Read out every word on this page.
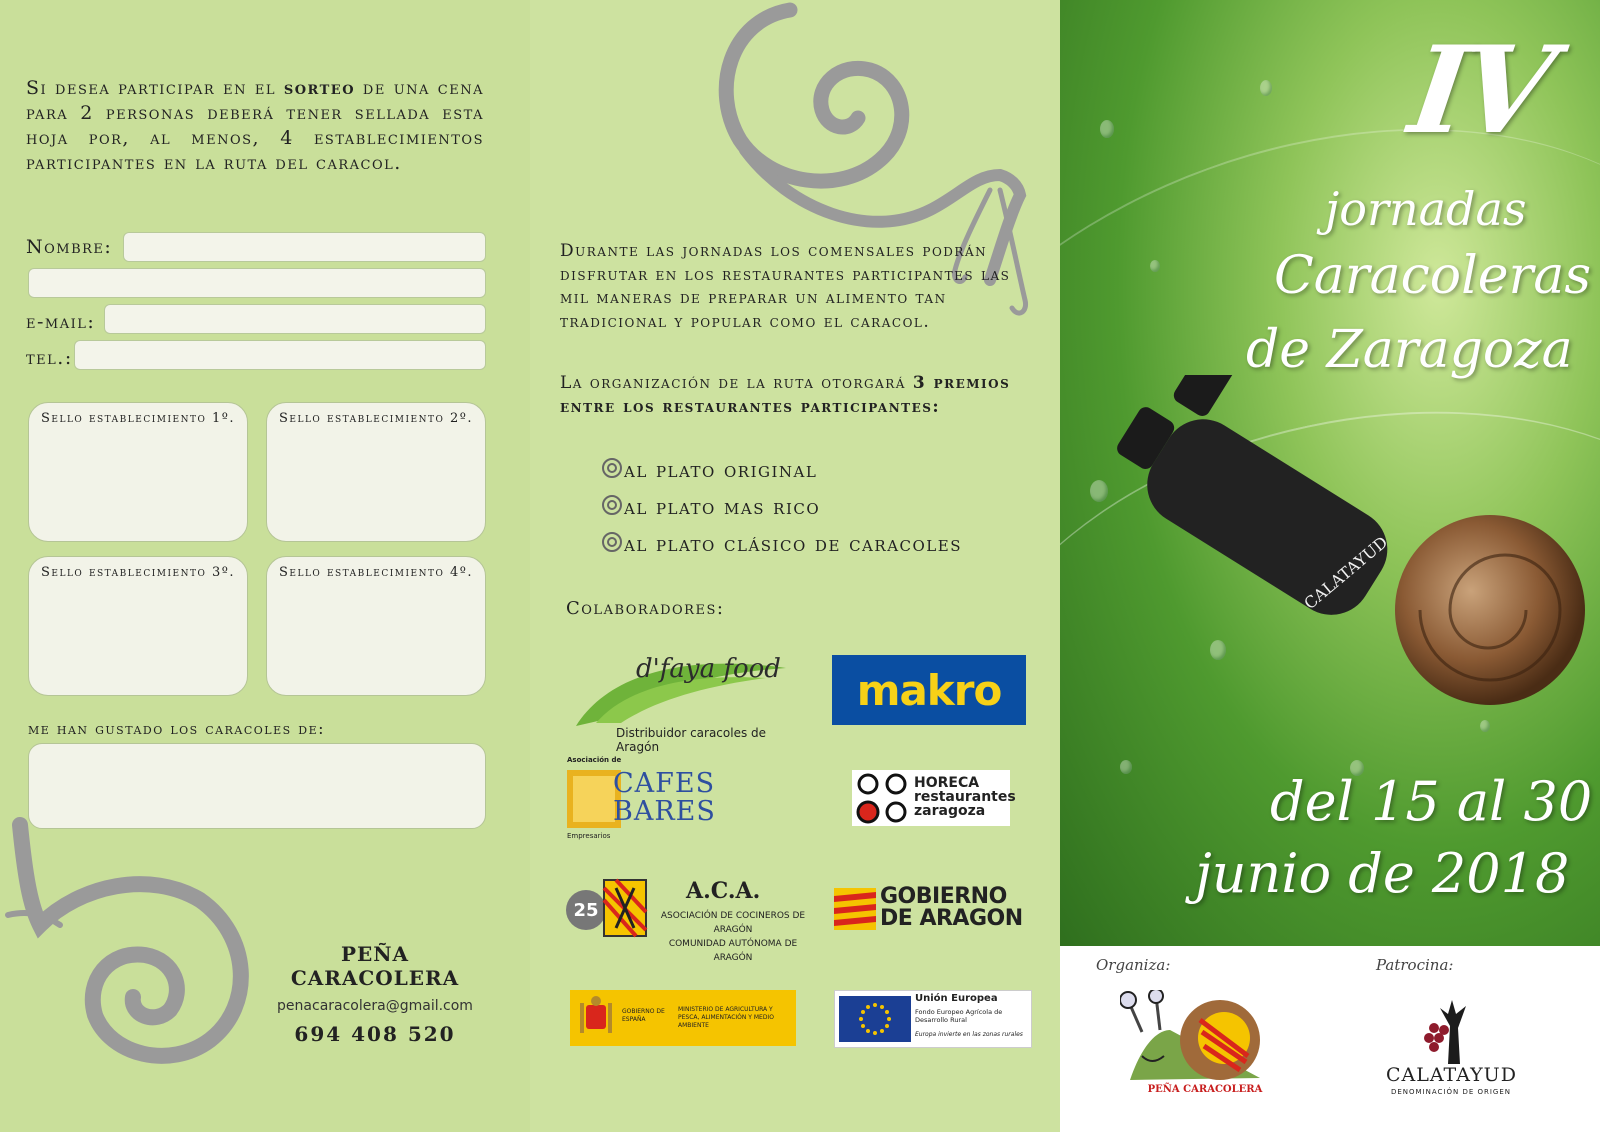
Si desea participar en el sorteo de una cena para 2 personas deberá tener sellada esta hoja por, al menos, 4 establecimientos participantes en la ruta del caracol.
Nombre:
e-mail:
tel.:
Sello establecimiento 1º.	Sello establecimiento 2º.
Sello establecimiento 3º.	Sello establecimiento 4º.
me han gustado los caracoles de:
PEÑA CARACOLERA
penacaracolera@gmail.com
694 408 520
Durante las jornadas los comensales podrán disfrutar en los restaurantes participantes las mil maneras de preparar un alimento tan tradicional y popular como el caracol.
La organización de la ruta otorgará 3 premios entre los restaurantes participantes:
al plato original
al plato mas rico
al plato clásico de caracoles
Colaboradores:
d'faya food
Distribuidor caracoles de Aragón
makro
Asociación de
CAFES
BARES
Empresarios
HORECA
restaurantes
zaragoza
25
A.C.A.
ASOCIACIÓN DE COCINEROS DE ARAGÓN
COMUNIDAD AUTÓNOMA DE ARAGÓN
GOBIERNO
DE ARAGON
GOBIERNO DE ESPAÑA
MINISTERIO DE AGRICULTURA Y PESCA, ALIMENTACIÓN Y MEDIO AMBIENTE
Unión Europea
Fondo Europeo Agrícola de Desarrollo Rural
Europa invierte en las zonas rurales
CALATAYUD
IV
jornadas
Caracoleras
de Zaragoza
del 15 al 30
junio de 2018
Organiza:	Patrocina:
PEÑA CARACOLERA
CALATAYUD
DENOMINACIÓN DE ORIGEN
